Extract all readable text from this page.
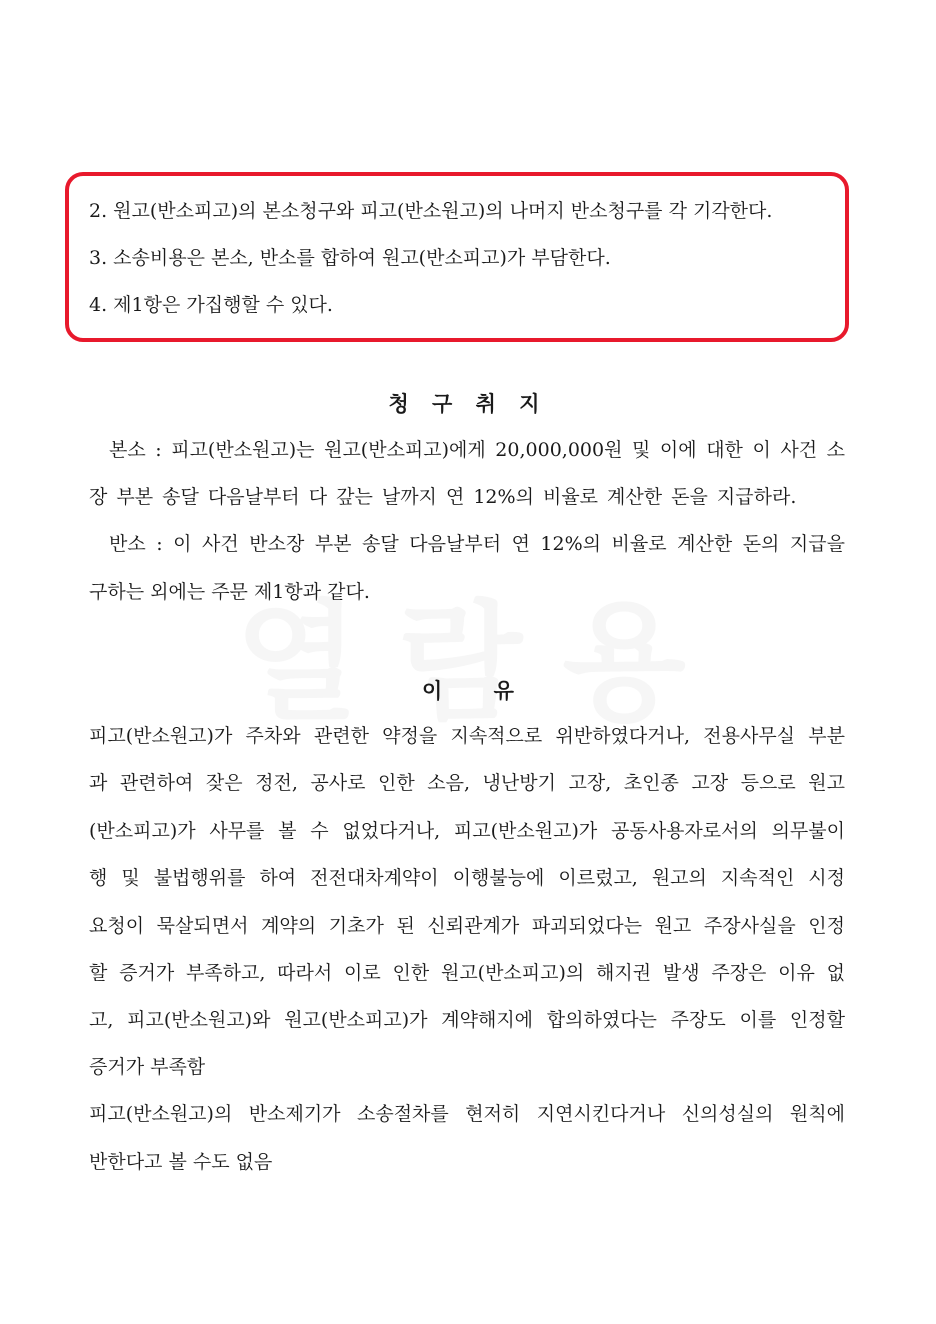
2. 원고(반소피고)의 본소청구와 피고(반소원고)의 나머지 반소청구를 각 기각한다.
3. 소송비용은 본소, 반소를 합하여 원고(반소피고)가 부담한다.
4. 제1항은 가집행할 수 있다.
청 구 취 지
본소 : 피고(반소원고)는 원고(반소피고)에게 20,000,000원 및 이에 대한 이 사건 소
장 부본 송달 다음날부터 다 갚는 날까지 연 12%의 비율로 계산한 돈을 지급하라.
반소 : 이 사건 반소장 부본 송달 다음날부터 연 12%의 비율로 계산한 돈의 지급을
구하는 외에는 주문 제1항과 같다.
이 유
피고(반소원고)가 주차와 관련한 약정을 지속적으로 위반하였다거나, 전용사무실 부분
과 관련하여 잦은 정전, 공사로 인한 소음, 냉난방기 고장, 초인종 고장 등으로 원고
(반소피고)가 사무를 볼 수 없었다거나, 피고(반소원고)가 공동사용자로서의 의무불이
행 및 불법행위를 하여 전전대차계약이 이행불능에 이르렀고, 원고의 지속적인 시정
요청이 묵살되면서 계약의 기초가 된 신뢰관계가 파괴되었다는 원고 주장사실을 인정
할 증거가 부족하고, 따라서 이로 인한 원고(반소피고)의 해지권 발생 주장은 이유 없
고, 피고(반소원고)와 원고(반소피고)가 계약해지에 합의하였다는 주장도 이를 인정할
증거가 부족함
피고(반소원고)의 반소제기가 소송절차를 현저히 지연시킨다거나 신의성실의 원칙에
반한다고 볼 수도 없음
